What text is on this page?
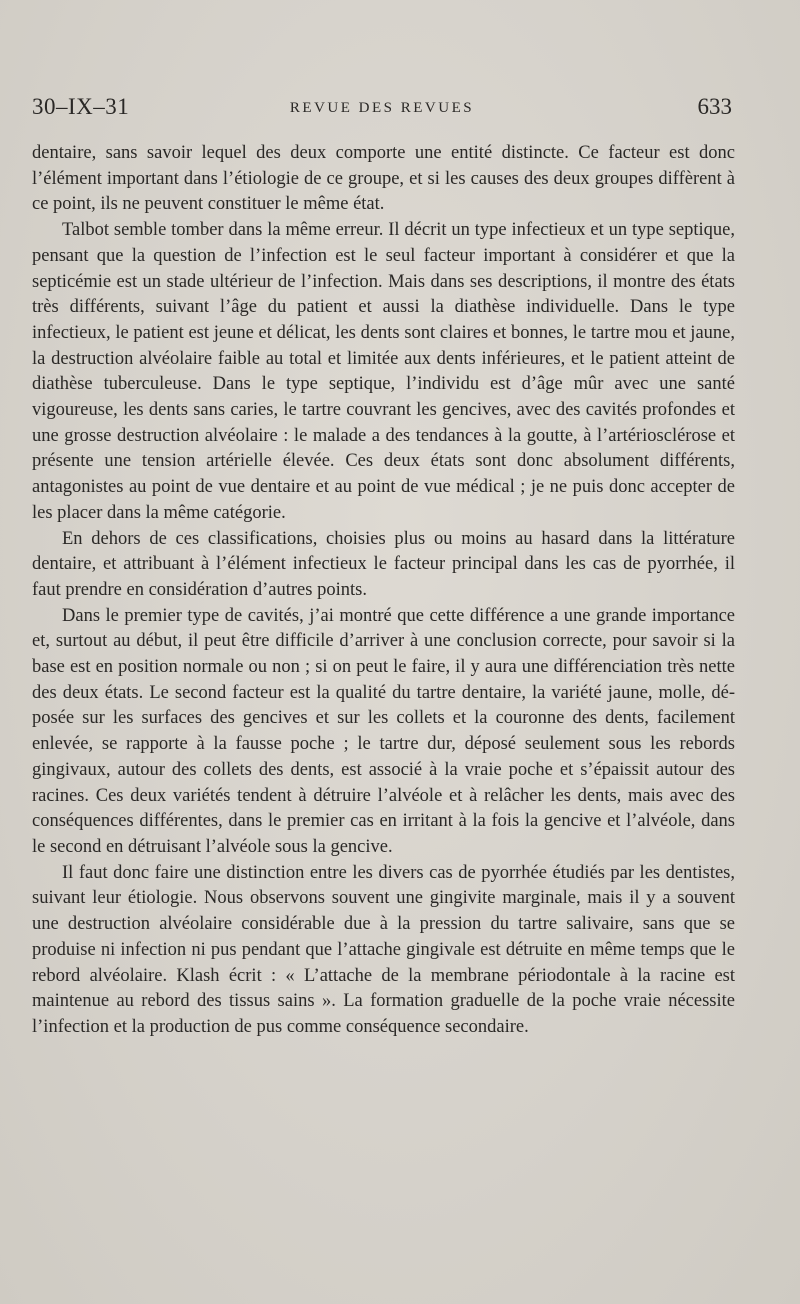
30–IX–31	REVUE DES REVUES	633

dentaire, sans savoir lequel des deux comporte une entité distincte. Ce facteur est donc l’élément important dans l’étiologie de ce groupe, et si les causes des deux groupes diffèrent à ce point, ils ne peuvent constituer le même état.

Talbot semble tomber dans la même erreur. Il décrit un type infectieux et un type septique, pensant que la question de l’infection est le seul facteur important à considérer et que la septicémie est un stade ultérieur de l’infection. Mais dans ses descriptions, il montre des états très différents, suivant l’âge du patient et aussi la diathèse individuelle. Dans le type infectieux, le patient est jeune et délicat, les dents sont claires et bonnes, le tartre mou et jaune, la destruction alvéolaire faible au total et limitée aux dents inférieures, et le patient atteint de diathèse tuberculeuse. Dans le type septique, l’individu est d’âge mûr avec une santé vigoureuse, les dents sans caries, le tartre couvrant les gencives, avec des cavités profondes et une grosse destruction alvéolaire : le malade a des tendances à la goutte, à l’artériosclérose et présente une tension artérielle élevée. Ces deux états sont donc absolument différents, antagonistes au point de vue dentaire et au point de vue médical ; je ne puis donc accepter de les placer dans la même catégorie.

En dehors de ces classifications, choisies plus ou moins au hasard dans la littérature dentaire, et attribuant à l’élément infectieux le facteur principal dans les cas de pyorrhée, il faut prendre en considération d’autres points.

Dans le premier type de cavités, j’ai montré que cette différence a une grande importance et, surtout au début, il peut être difficile d’arriver à une conclusion correcte, pour savoir si la base est en position normale ou non ; si on peut le faire, il y aura une différenciation très nette des deux états. Le second facteur est la qualité du tartre dentaire, la variété jaune, molle, déposée sur les surfaces des gencives et sur les collets et la couronne des dents, facilement enlevée, se rapporte à la fausse poche ; le tartre dur, déposé seulement sous les rebords gingivaux, autour des collets des dents, est associé à la vraie poche et s’épaissit autour des racines. Ces deux variétés tendent à détruire l’alvéole et à relâcher les dents, mais avec des conséquences différentes, dans le premier cas en irritant à la fois la gencive et l’alvéole, dans le second en détruisant l’alvéole sous la gencive.

Il faut donc faire une distinction entre les divers cas de pyorrhée étudiés par les dentistes, suivant leur étiologie. Nous observons souvent une gingivite marginale, mais il y a souvent une destruction alvéolaire considérable due à la pression du tartre salivaire, sans que se produise ni infection ni pus pendant que l’attache gingivale est détruite en même temps que le rebord alvéolaire. Klash écrit : « L’attache de la membrane périodontale à la racine est maintenue au rebord des tissus sains ». La formation graduelle de la poche vraie nécessite l’infection et la production de pus comme conséquence secondaire.
